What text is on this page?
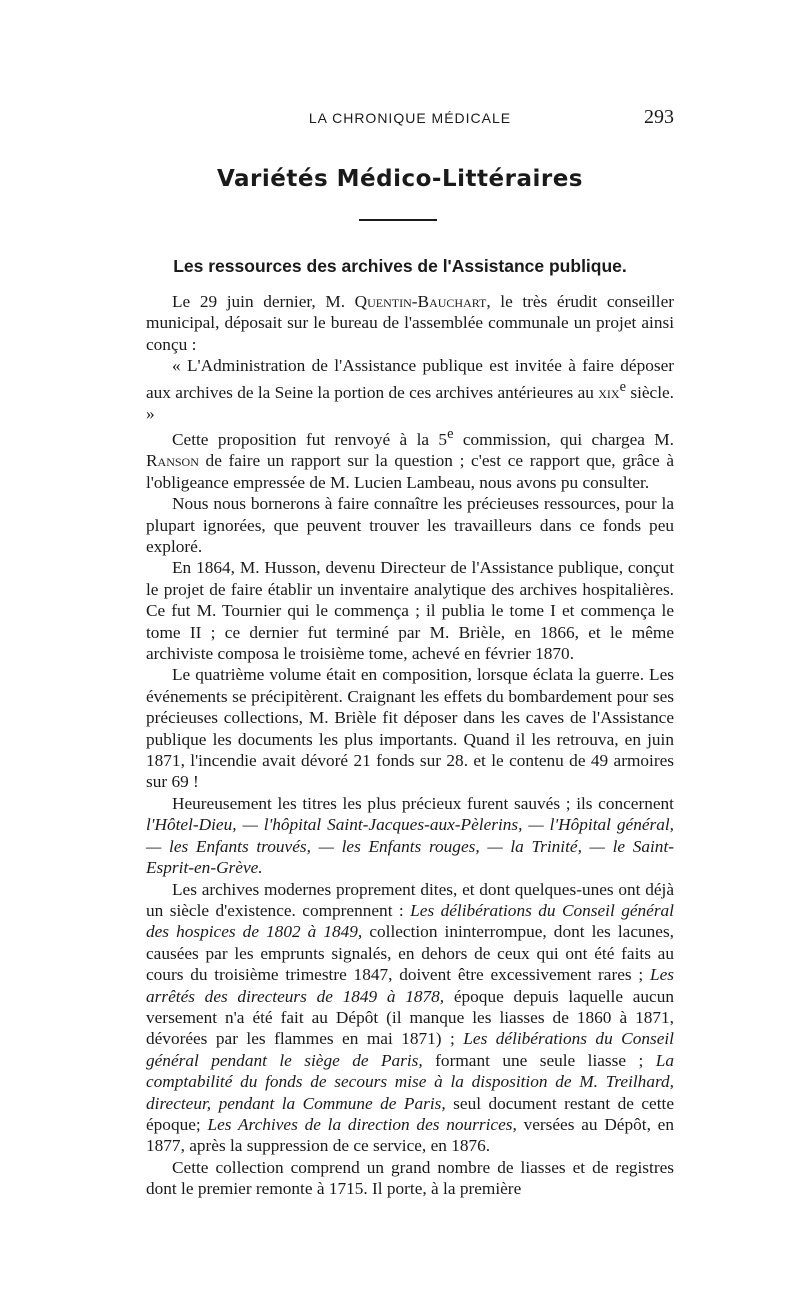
LA CHRONIQUE MÉDICALE	293
Variétés Médico-Littéraires
Les ressources des archives de l'Assistance publique.

Le 29 juin dernier, M. Quentin-Bauchart, le très érudit conseiller municipal, déposait sur le bureau de l'assemblée communale un projet ainsi conçu :

« L'Administration de l'Assistance publique est invitée à faire déposer aux archives de la Seine la portion de ces archives antérieures au xix$^e$ siècle. »

Cette proposition fut renvoyé à la 5e commission, qui chargea M. Ranson de faire un rapport sur la question ; c'est ce rapport que, grâce à l'obligeance empressée de M. Lucien Lambeau, nous avons pu consulter.

Nous nous bornerons à faire connaître les précieuses ressources, pour la plupart ignorées, que peuvent trouver les travailleurs dans ce fonds peu exploré.

En 1864, M. Husson, devenu Directeur de l'Assistance publique, conçut le projet de faire établir un inventaire analytique des archives hospitalières. Ce fut M. Tournier qui le commença ; il publia le tome I et commença le tome II ; ce dernier fut terminé par M. Brièle, en 1866, et le même archiviste composa le troisième tome, achevé en février 1870.

Le quatrième volume était en composition, lorsque éclata la guerre. Les événements se précipitèrent. Craignant les effets du bombardement pour ses précieuses collections, M. Brièle fit déposer dans les caves de l'Assistance publique les documents les plus importants. Quand il les retrouva, en juin 1871, l'incendie avait dévoré 21 fonds sur 28. et le contenu de 49 armoires sur 69 !

Heureusement les titres les plus précieux furent sauvés ; ils concernent l'Hôtel-Dieu, — l'hôpital Saint-Jacques-aux-Pèlerins, — l'Hôpital général, — les Enfants trouvés, — les Enfants rouges, — la Trinité, — le Saint-Esprit-en-Grève.

Les archives modernes proprement dites, et dont quelques-unes ont déjà un siècle d'existence. comprennent : Les délibérations du Conseil général des hospices de 1802 à 1849, collection ininterrompue, dont les lacunes, causées par les emprunts signalés, en dehors de ceux qui ont été faits au cours du troisième trimestre 1847, doivent être excessivement rares ; Les arrêtés des directeurs de 1849 à 1878, époque depuis laquelle aucun versement n'a été fait au Dépôt (il manque les liasses de 1860 à 1871, dévorées par les flammes en mai 1871) ; Les délibérations du Conseil général pendant le siège de Paris, formant une seule liasse ; La comptabilité du fonds de secours mise à la disposition de M. Treilhard, directeur, pendant la Commune de Paris, seul document restant de cette époque; Les Archives de la direction des nourrices, versées au Dépôt, en 1877, après la suppression de ce service, en 1876.

Cette collection comprend un grand nombre de liasses et de registres dont le premier remonte à 1715. Il porte, à la première
